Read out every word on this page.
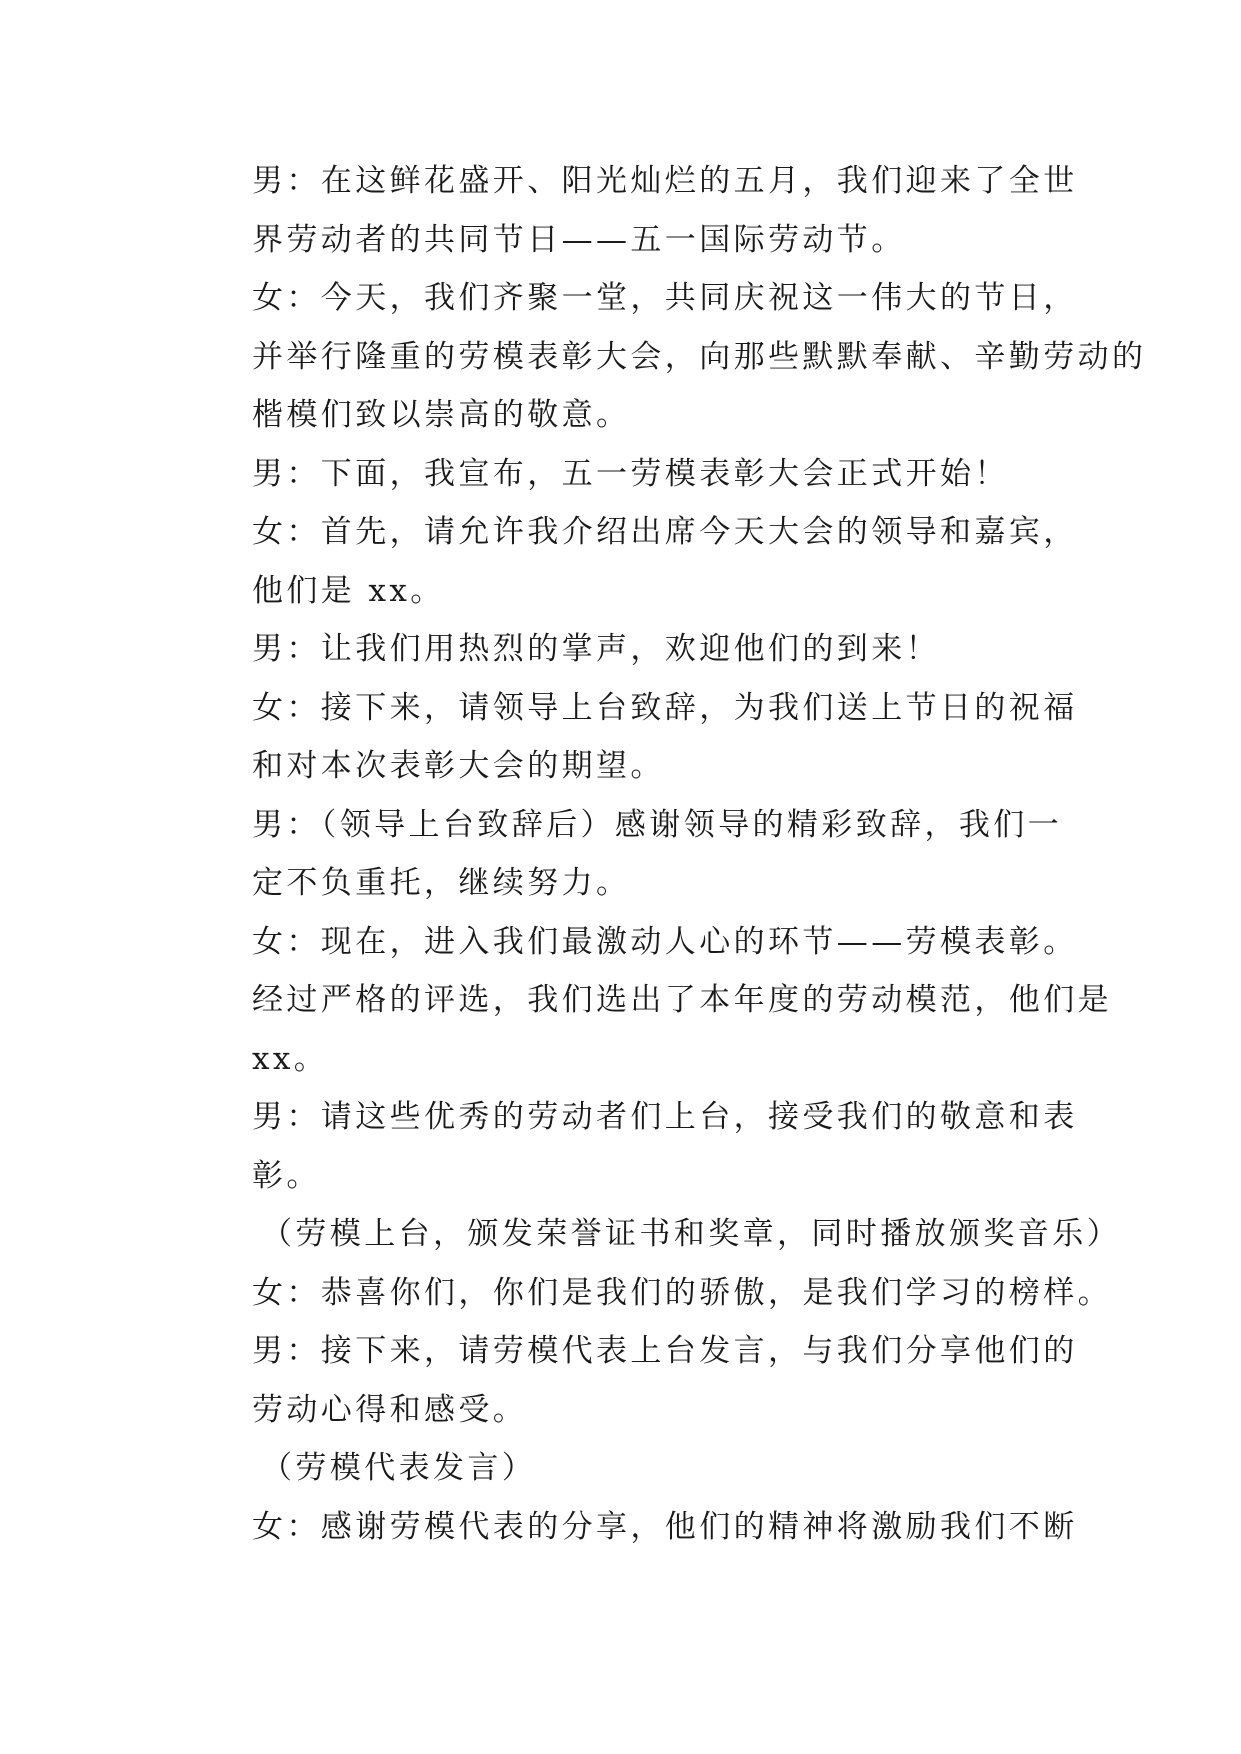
男：在这鲜花盛开、阳光灿烂的五月，我们迎来了全世
界劳动者的共同节日——五一国际劳动节。

女：今天，我们齐聚一堂，共同庆祝这一伟大的节日，
并举行隆重的劳模表彰大会，向那些默默奉献、辛勤劳动的
楷模们致以崇高的敬意。

男：下面，我宣布，五一劳模表彰大会正式开始！

女：首先，请允许我介绍出席今天大会的领导和嘉宾，
他们是 xx。

男：让我们用热烈的掌声，欢迎他们的到来！

女：接下来，请领导上台致辞，为我们送上节日的祝福
和对本次表彰大会的期望。

男：（领导上台致辞后）感谢领导的精彩致辞，我们一
定不负重托，继续努力。

女：现在，进入我们最激动人心的环节——劳模表彰。
经过严格的评选，我们选出了本年度的劳动模范，他们是
xx。

男：请这些优秀的劳动者们上台，接受我们的敬意和表
彰。

（劳模上台，颁发荣誉证书和奖章，同时播放颁奖音乐）

女：恭喜你们，你们是我们的骄傲，是我们学习的榜样。

男：接下来，请劳模代表上台发言，与我们分享他们的
劳动心得和感受。

（劳模代表发言）

女：感谢劳模代表的分享，他们的精神将激励我们不断
